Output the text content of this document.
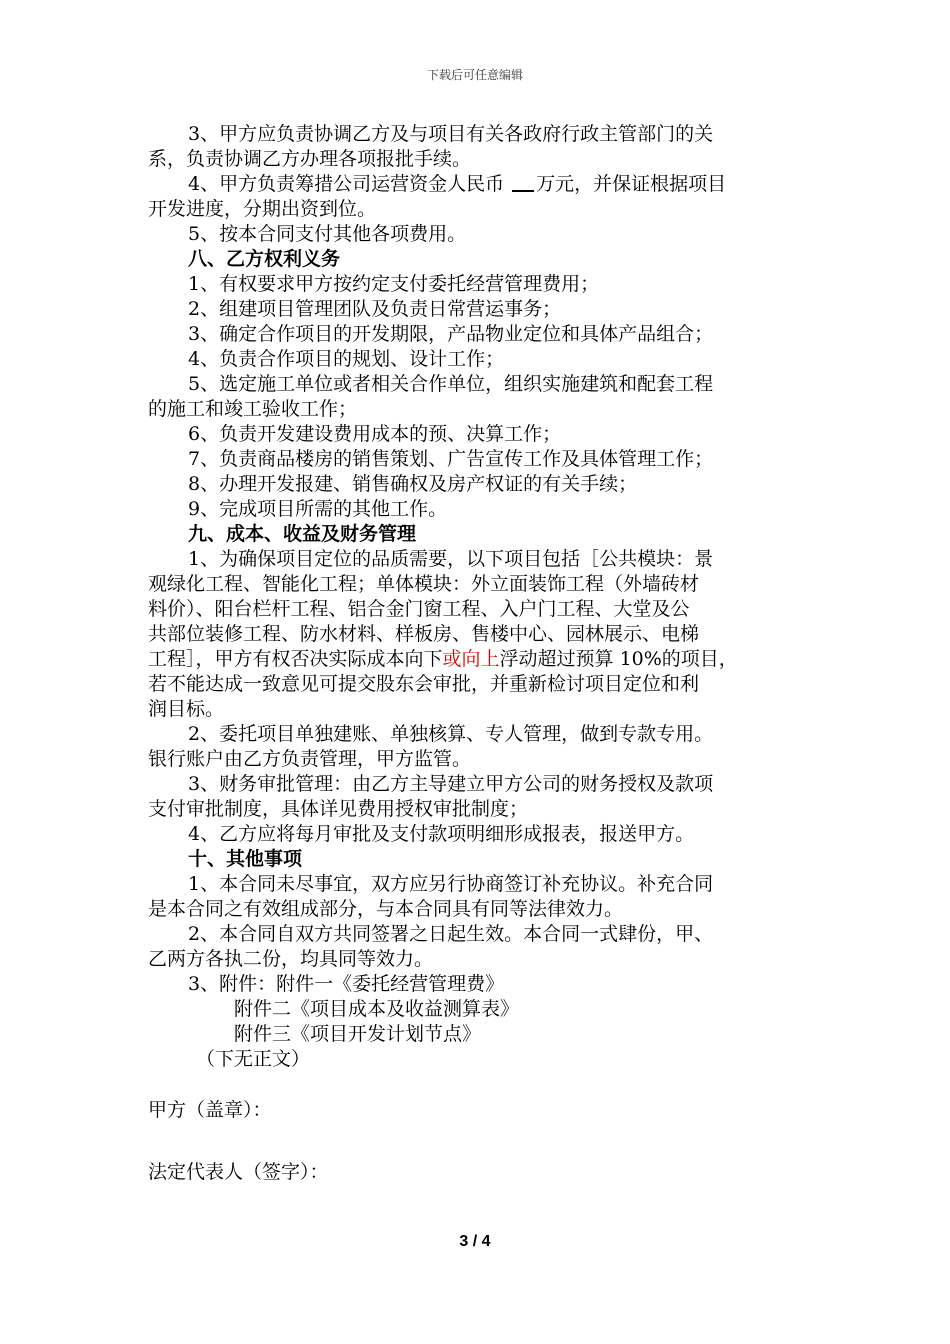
下载后可任意编辑

3、甲方应负责协调乙方及与项目有关各政府行政主管部门的关

系，负责协调乙方办理各项报批手续。

4、甲方负责筹措公司运营资金人民币 万元，并保证根据项目

开发进度，分期出资到位。

5、按本合同支付其他各项费用。

八、乙方权利义务

1、有权要求甲方按约定支付委托经营管理费用；

2、组建项目管理团队及负责日常营运事务；

3、确定合作项目的开发期限，产品物业定位和具体产品组合；

4、负责合作项目的规划、设计工作；

5、选定施工单位或者相关合作单位，组织实施建筑和配套工程

的施工和竣工验收工作；

6、负责开发建设费用成本的预、决算工作；

7、负责商品楼房的销售策划、广告宣传工作及具体管理工作；

8、办理开发报建、销售确权及房产权证的有关手续；

9、完成项目所需的其他工作。

九、成本、收益及财务管理

1、为确保项目定位的品质需要，以下项目包括［公共模块：景

观绿化工程、智能化工程；单体模块：外立面装饰工程（外墙砖材

料价）、阳台栏杆工程、铝合金门窗工程、入户门工程、大堂及公

共部位装修工程、防水材料、样板房、售楼中心、园林展示、电梯

工程］，甲方有权否决实际成本向下或向上浮动超过预算 10%的项目，

若不能达成一致意见可提交股东会审批，并重新检讨项目定位和利

润目标。

2、委托项目单独建账、单独核算、专人管理，做到专款专用。

银行账户由乙方负责管理，甲方监管。

3、财务审批管理：由乙方主导建立甲方公司的财务授权及款项

支付审批制度，具体详见费用授权审批制度；

4、乙方应将每月审批及支付款项明细形成报表，报送甲方。

十、其他事项

1、本合同未尽事宜，双方应另行协商签订补充协议。补充合同

是本合同之有效组成部分，与本合同具有同等法律效力。

2、本合同自双方共同签署之日起生效。本合同一式肆份，甲、

乙两方各执二份，均具同等效力。

3、附件：附件一《委托经营管理费》

附件二《项目成本及收益测算表》

附件三《项目开发计划节点》

（下无正文）

甲方（盖章）：
法定代表人（签字）：
3 / 4
